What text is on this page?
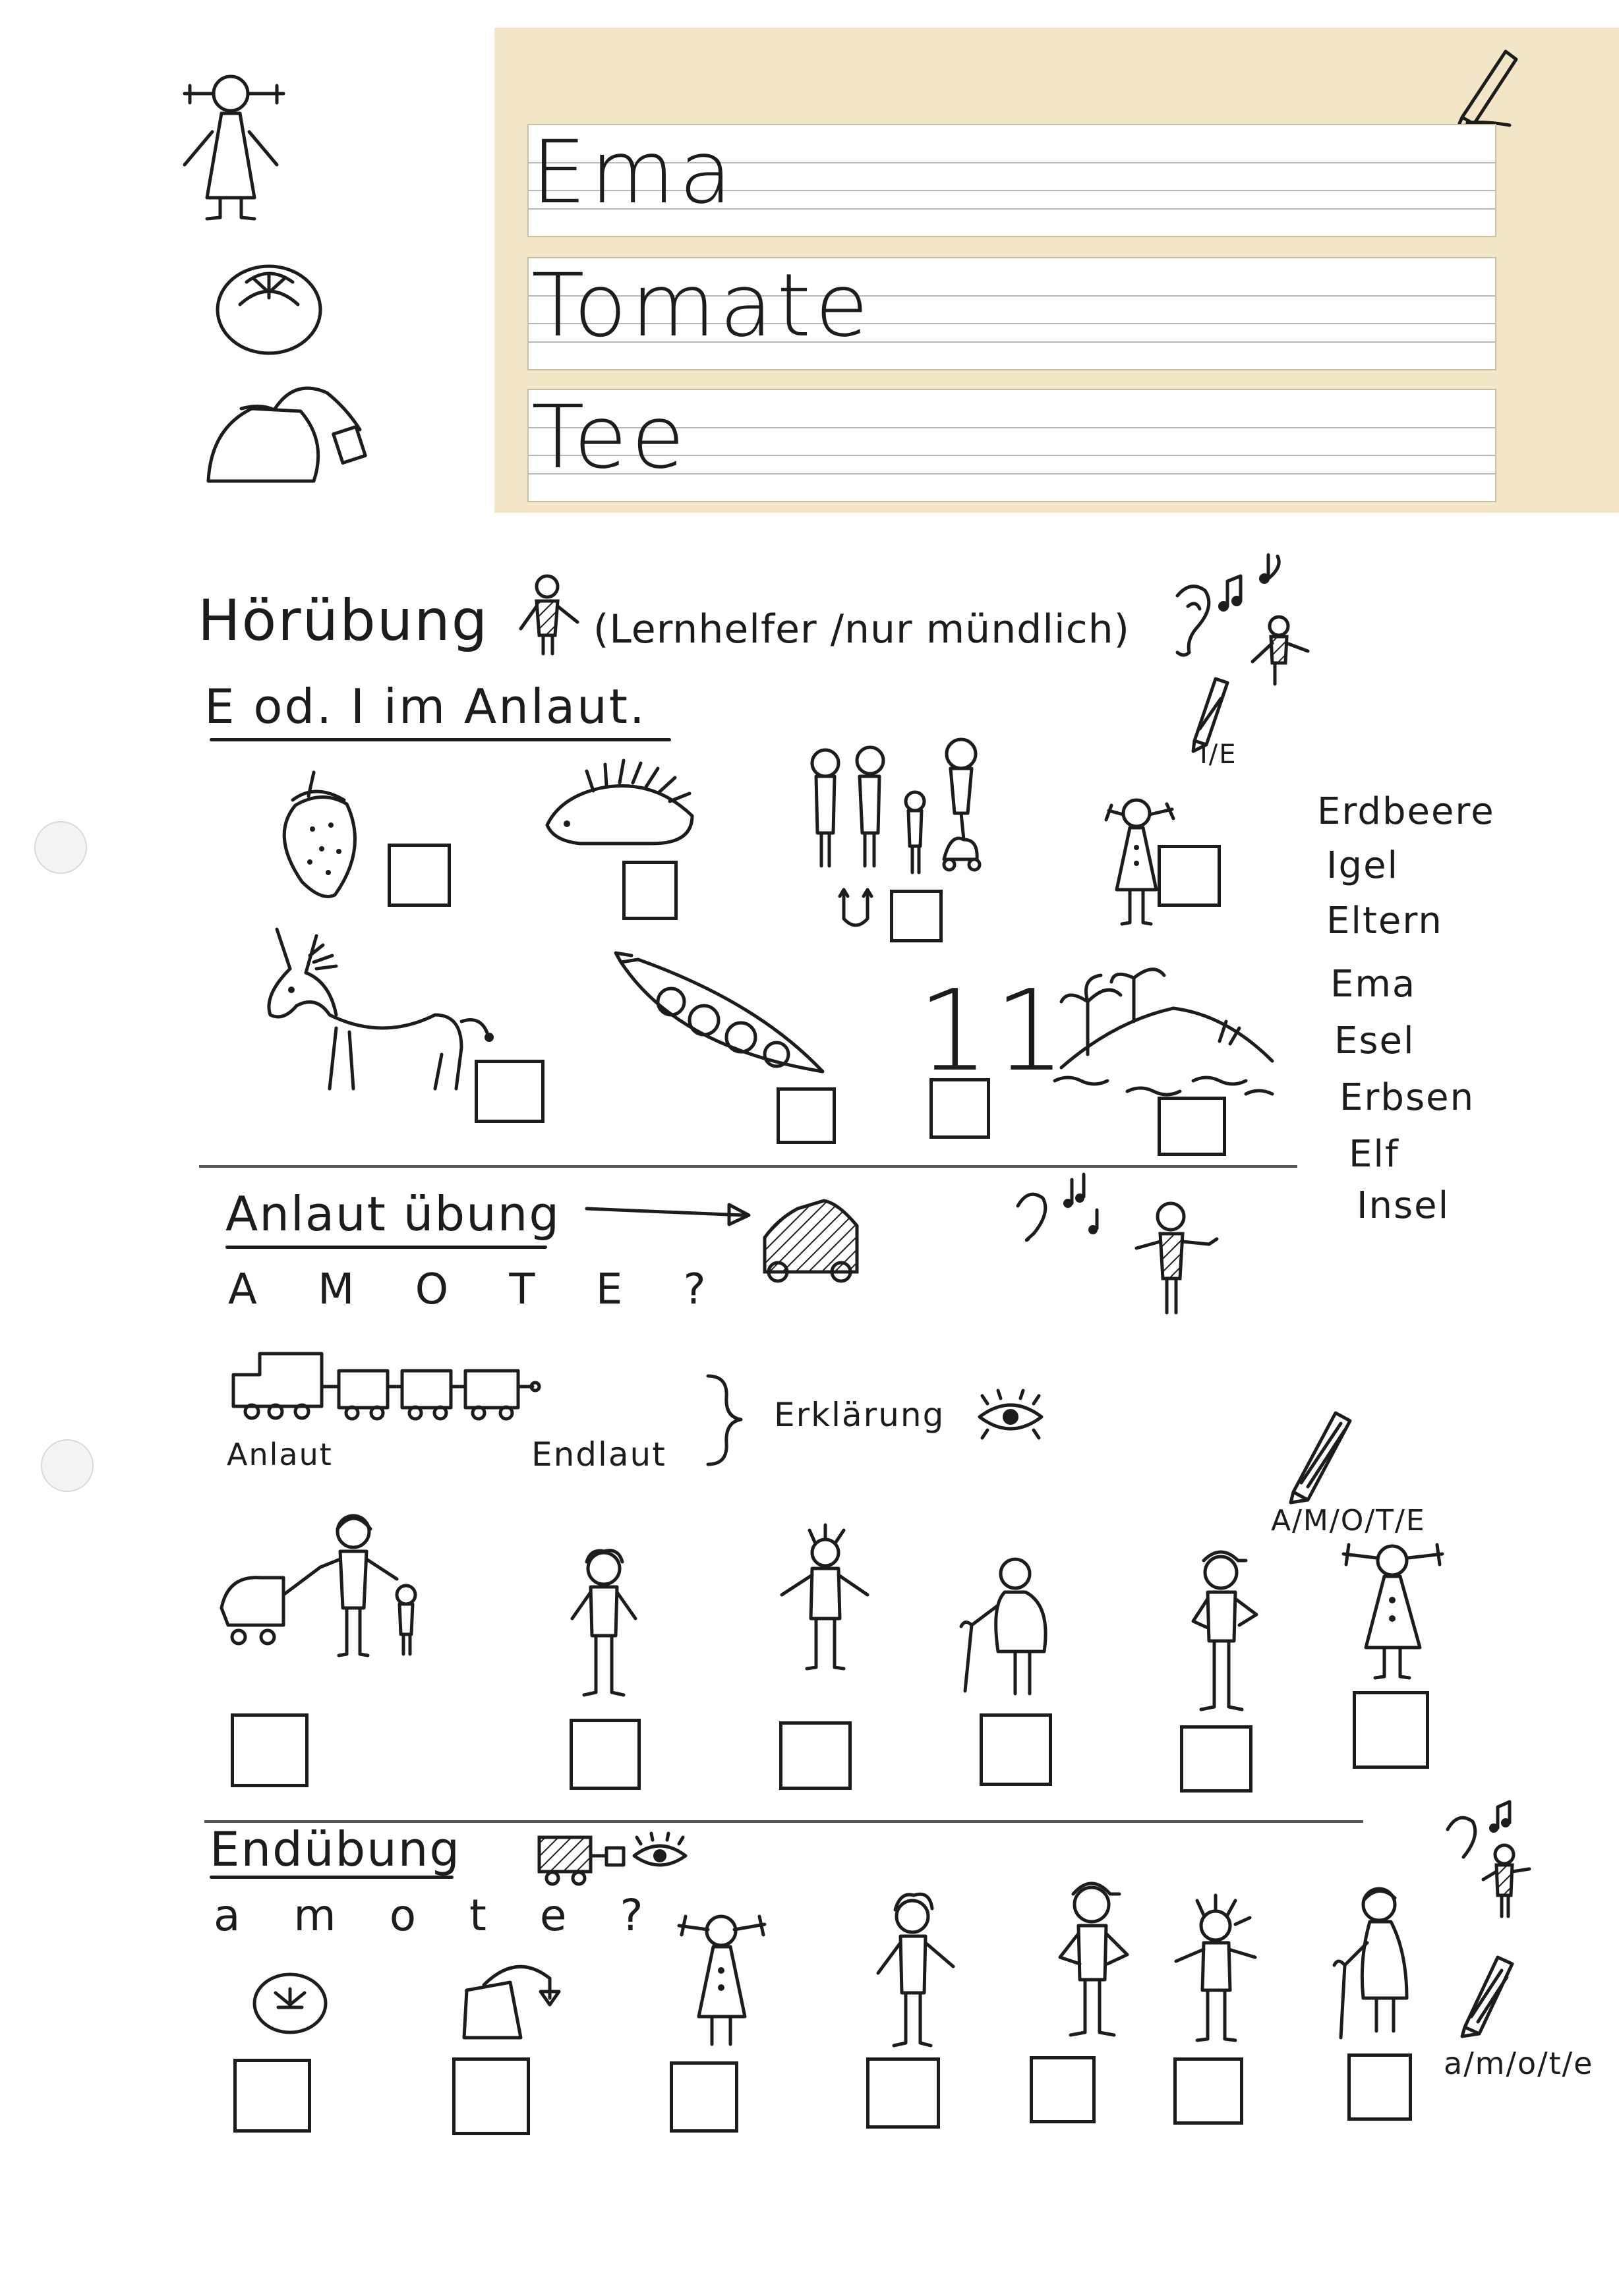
Ema
Tomate
Tee
Hörübung	(Lernhelfer /nur mündlich)
E od. I im Anlaut.
I/E
Erdbeere
Igel
Eltern
Ema
Esel
Erbsen
Elf
Insel
11
Anlaut übung
A M O T E ?
Anlaut	Endlaut
Erklärung
A/M/O/T/E
Endübung
a/m/o/t/e
a m o t e ?
